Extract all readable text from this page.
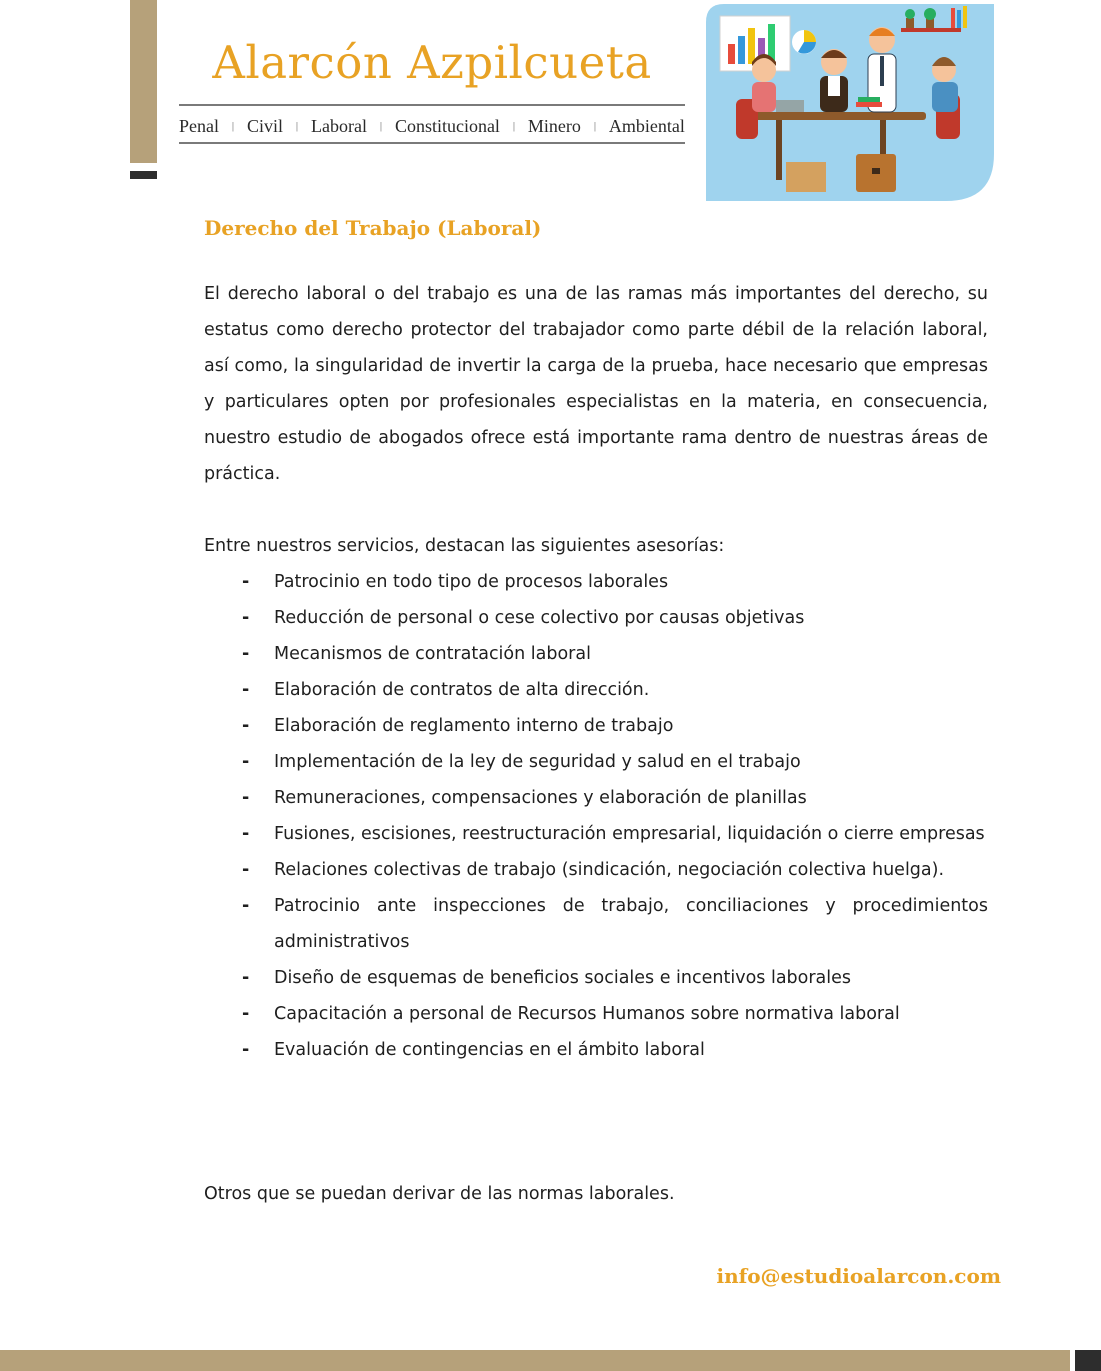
Alarcón Azpilcueta
Penal | Civil | Laboral | Constitucional | Minero | Ambiental
Derecho del Trabajo (Laboral)

El derecho laboral o del trabajo es una de las ramas más importantes del derecho, su estatus como derecho protector del trabajador como parte débil de la relación laboral, así como, la singularidad de invertir la carga de la prueba, hace necesario que empresas y particulares opten por profesionales especialistas en la materia, en consecuencia, nuestro estudio de abogados ofrece está importante rama dentro de nuestras áreas de práctica.

Entre nuestros servicios, destacan las siguientes asesorías:

- Patrocinio en todo tipo de procesos laborales
- Reducción de personal o cese colectivo por causas objetivas
- Mecanismos de contratación laboral
- Elaboración de contratos de alta dirección.
- Elaboración de reglamento interno de trabajo
- Implementación de la ley de seguridad y salud en el trabajo
- Remuneraciones, compensaciones y elaboración de planillas
- Fusiones, escisiones, reestructuración empresarial, liquidación o cierre empresas
- Relaciones colectivas de trabajo (sindicación, negociación colectiva huelga).
- Patrocinio ante inspecciones de trabajo, conciliaciones y procedimientos administrativos
- Diseño de esquemas de beneficios sociales e incentivos laborales
- Capacitación a personal de Recursos Humanos sobre normativa laboral
- Evaluación de contingencias en el ámbito laboral

Otros que se puedan derivar de las normas laborales.

info@estudioalarcon.com
